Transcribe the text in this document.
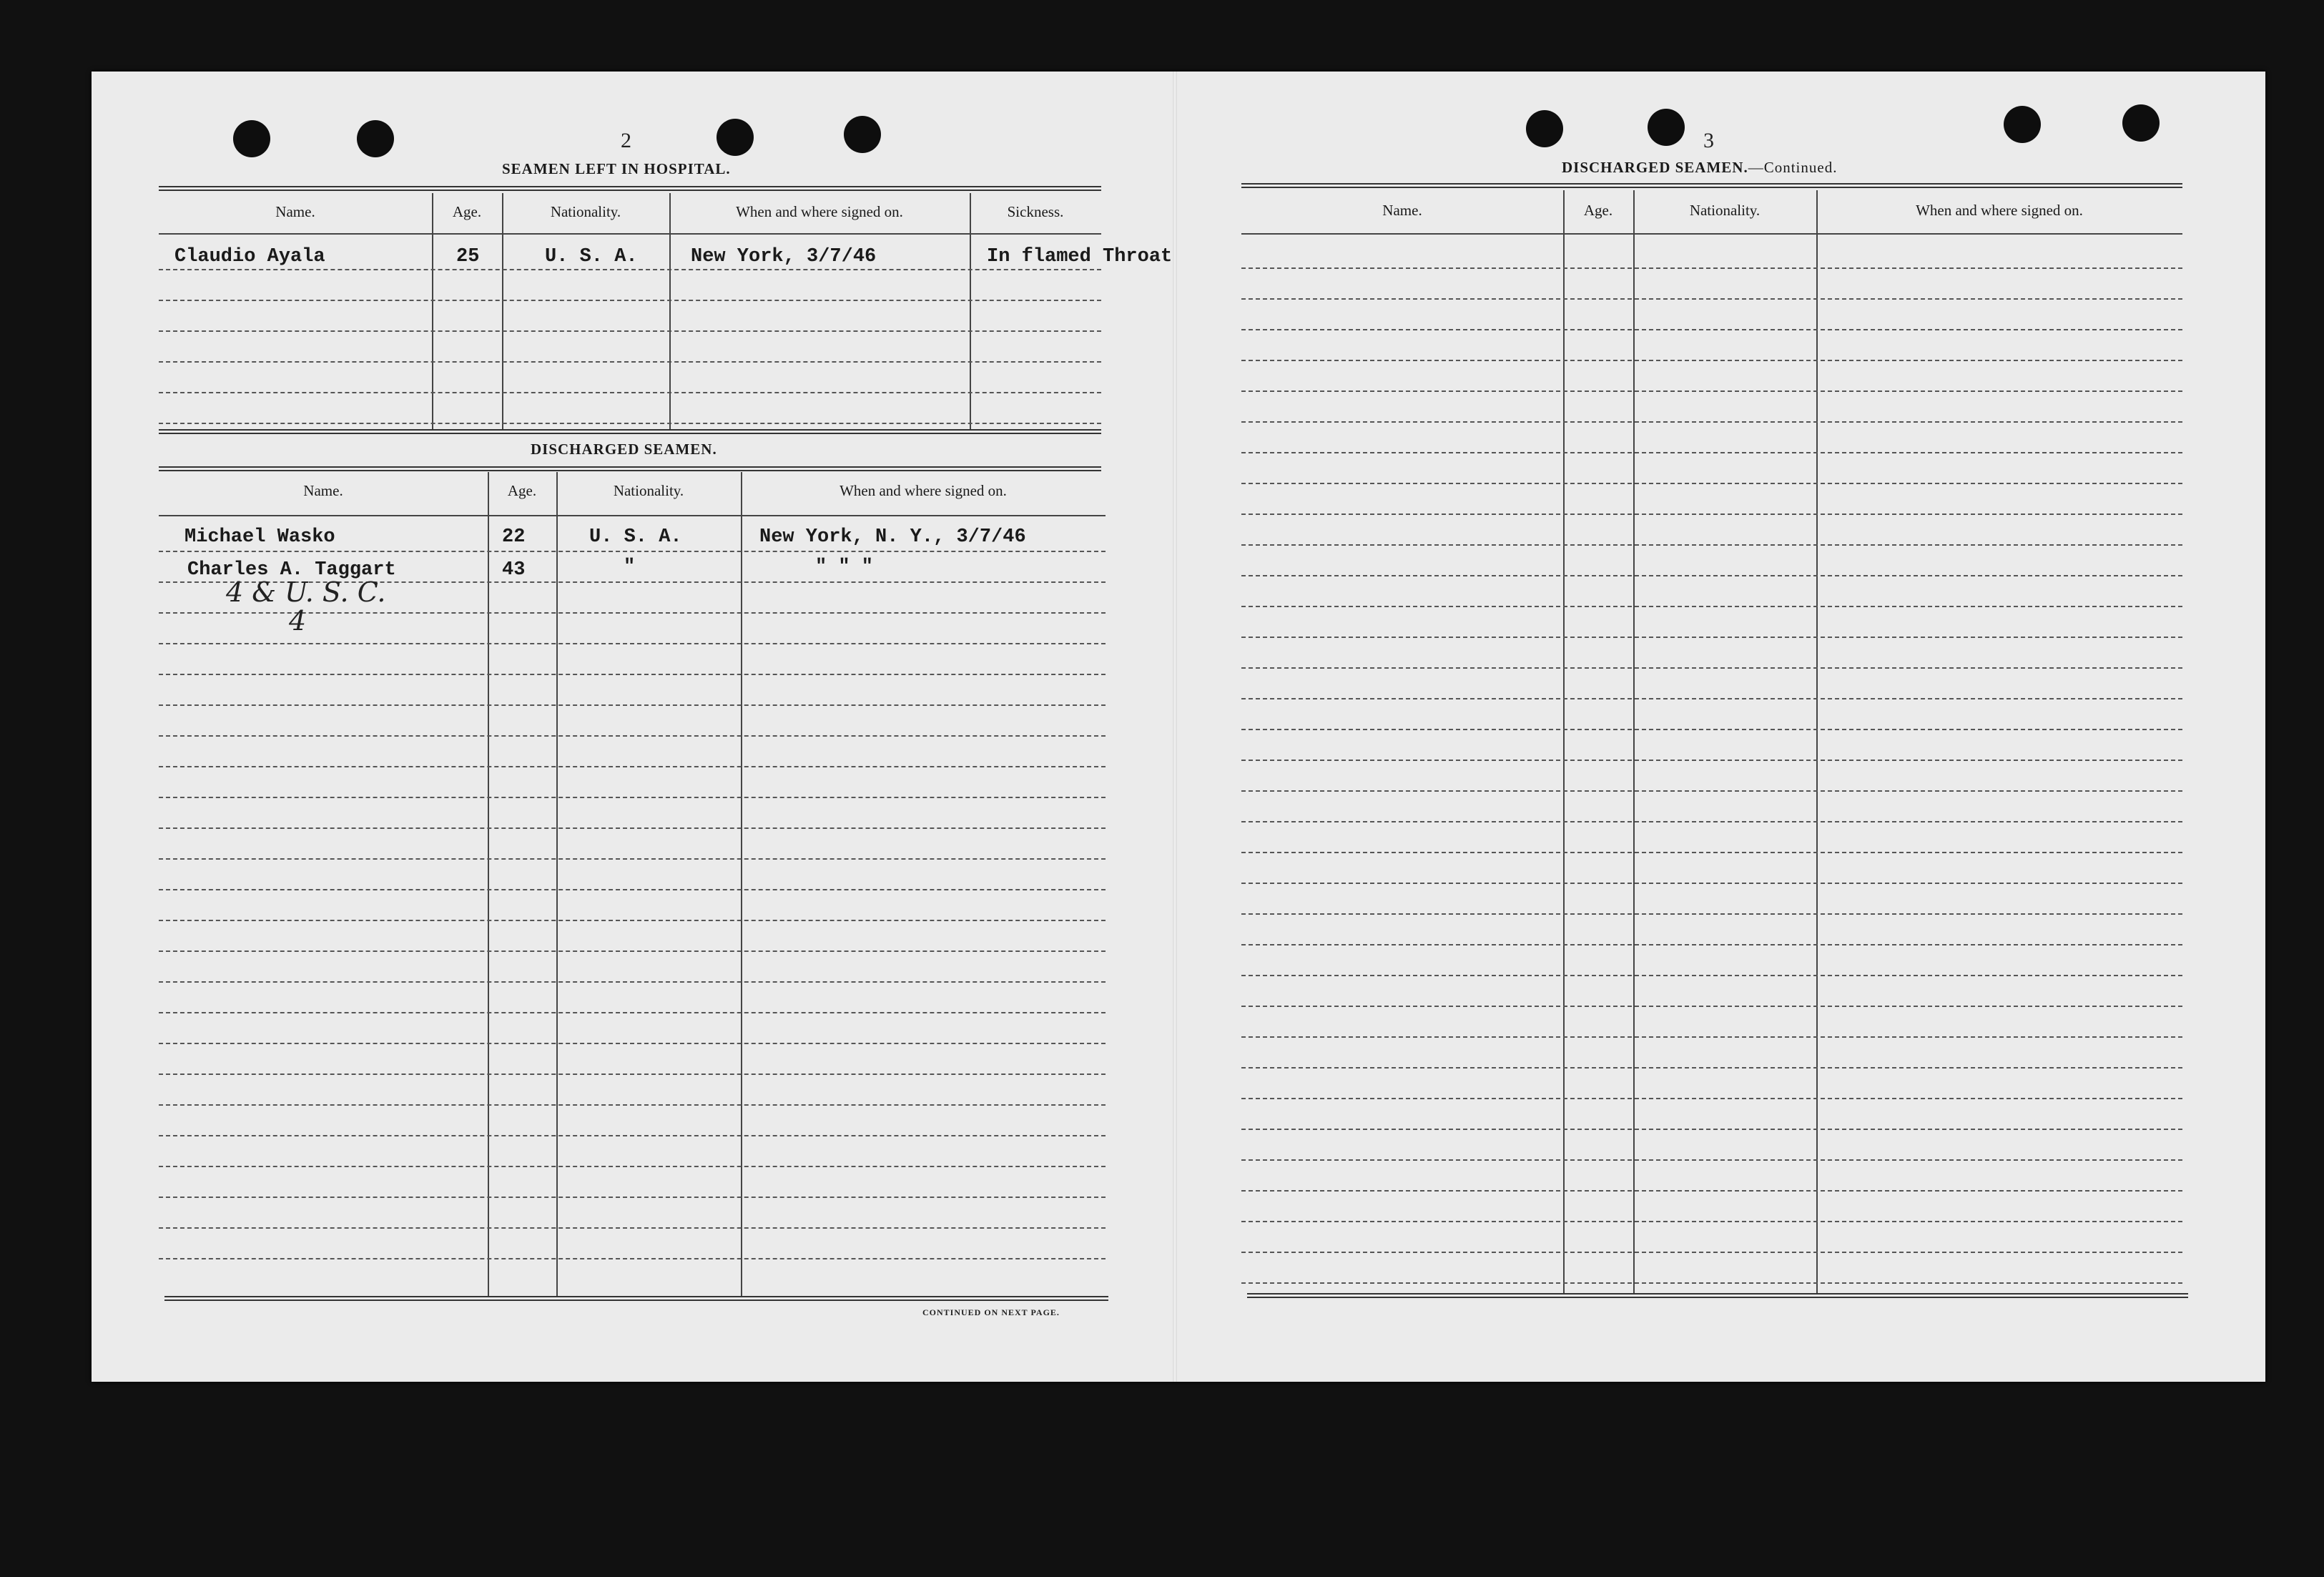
2
SEAMEN LEFT IN HOSPITAL.
Name.	Age.	Nationality.	When and where signed on.	Sickness.
Claudio Ayala	25	U. S. A.	New York, 3/7/46	In flamed Throat
DISCHARGED SEAMEN.
Name.	Age.	Nationality.	When and where signed on.
Michael Wasko	22	U. S. A.	New York, N. Y., 3/7/46
Charles A. Taggart	43	"	" " "
4 & U. S. C.
4
CONTINUED ON NEXT PAGE.
3
DISCHARGED SEAMEN.—Continued.
Name.	Age.	Nationality.	When and where signed on.
